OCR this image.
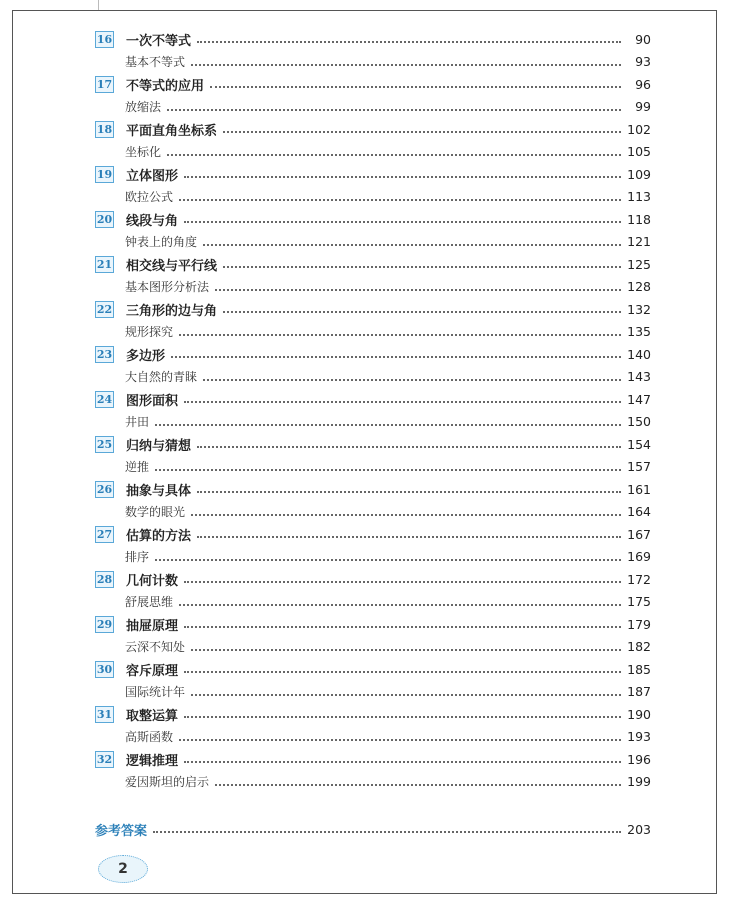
16 一次不等式	90
基本不等式	93
17 不等式的应用	96
放缩法	99
18 平面直角坐标系	102
坐标化	105
19 立体图形	109
欧拉公式	113
20 线段与角	118
钟表上的角度	121
21 相交线与平行线	125
基本图形分析法	128
22 三角形的边与角	132
规形探究	135
23 多边形	140
大自然的青睐	143
24 图形面积	147
井田	150
25 归纳与猜想	154
逆推	157
26 抽象与具体	161
数学的眼光	164
27 估算的方法	167
排序	169
28 几何计数	172
舒展思维	175
29 抽屉原理	179
云深不知处	182
30 容斥原理	185
国际统计年	187
31 取整运算	190
高斯函数	193
32 逻辑推理	196
爱因斯坦的启示	199
参考答案	203
2
